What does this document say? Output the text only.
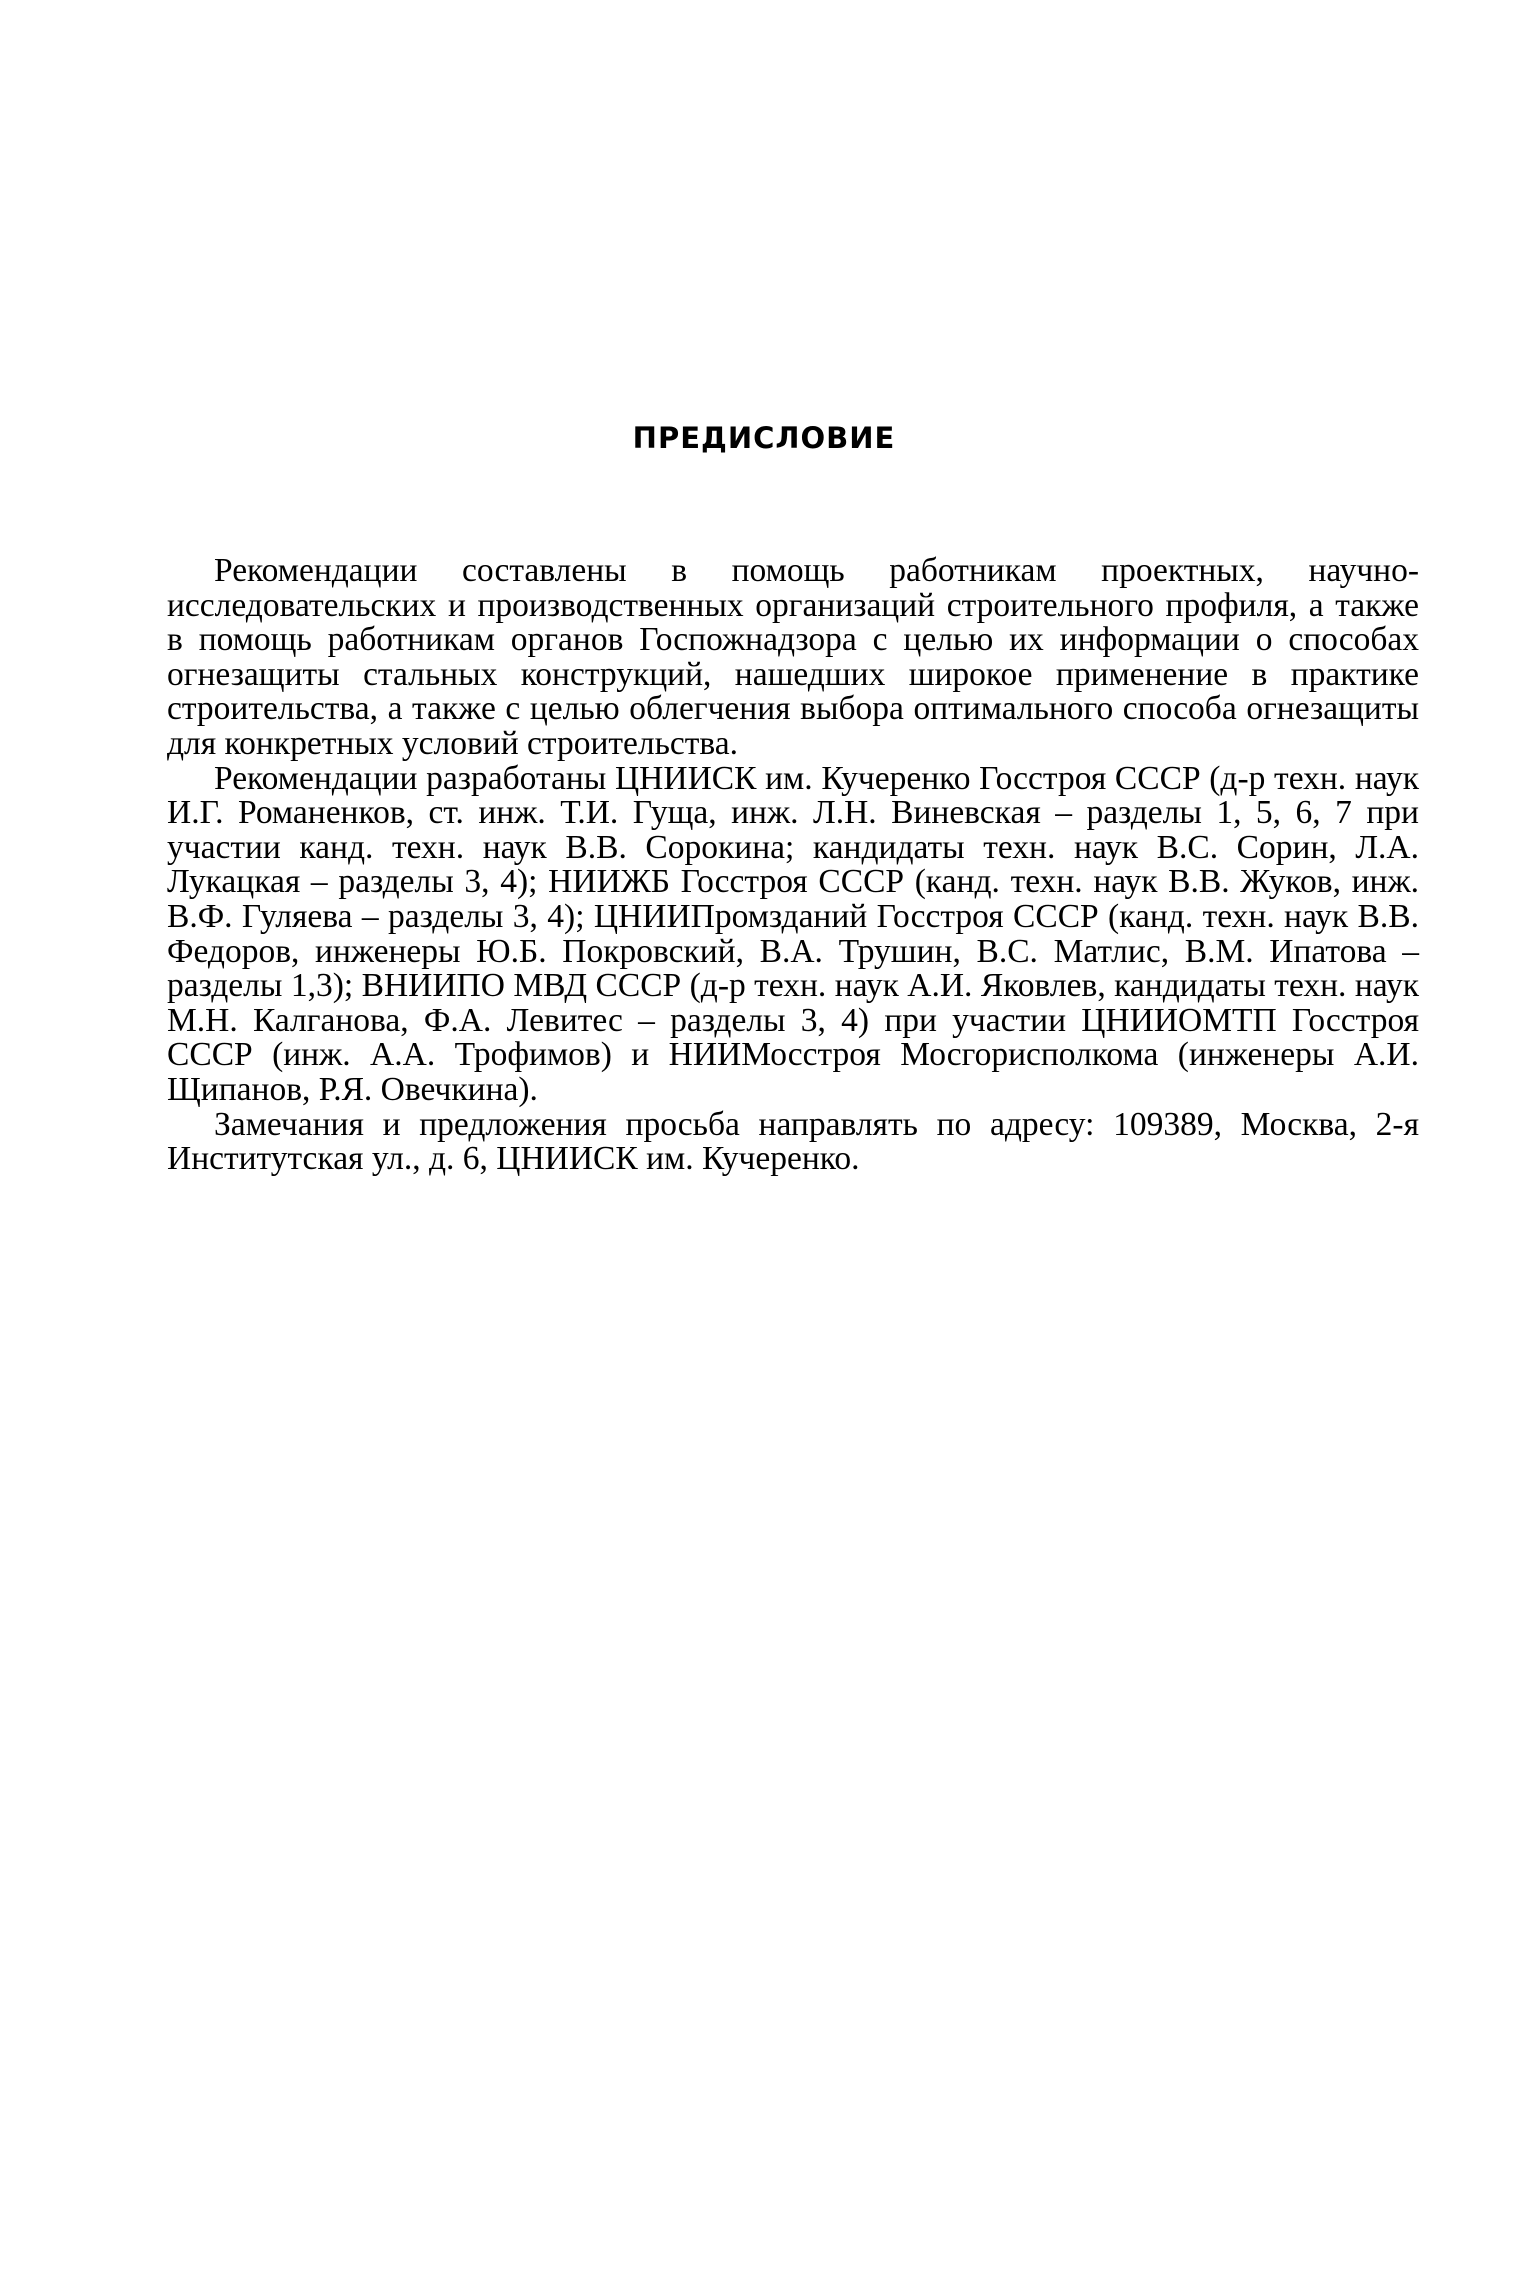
ПРЕДИСЛОВИЕ

Рекомендации составлены в помощь работникам проектных, научно-исследовательских и производственных организаций строительного профиля, а также в помощь работникам органов Госпожнадзора с целью их информации о способах огнезащиты стальных конструкций, нашедших широкое применение в практике строительства, а также с целью облегчения выбора оптимального способа огнезащиты для конкретных условий строительства.

Рекомендации разработаны ЦНИИСК им. Кучеренко Госстроя СССР (д-р техн. наук И.Г. Романенков, ст. инж. Т.И. Гуща, инж. Л.Н. Виневская – разделы 1, 5, 6, 7 при участии канд. техн. наук В.В. Сорокина; кандидаты техн. наук В.С. Сорин, Л.А. Лукацкая – разделы 3, 4); НИИЖБ Госстроя СССР (канд. техн. наук В.В. Жуков, инж. В.Ф. Гуляева – разделы 3, 4); ЦНИИПромзданий Госстроя СССР (канд. техн. наук В.В. Федоров, инженеры Ю.Б. Покровский, В.А. Трушин, В.С. Матлис, В.М. Ипатова – разделы 1,3); ВНИИПО МВД СССР (д-р техн. наук А.И. Яковлев, кандидаты техн. наук М.Н. Калганова, Ф.А. Левитес – разделы 3, 4) при участии ЦНИИОМТП Госстроя СССР (инж. А.А. Трофимов) и НИИМосстроя Мосгорисполкома (инженеры А.И. Щипанов, Р.Я. Овечкина).

Замечания и предложения просьба направлять по адресу: 109389, Москва, 2-я Институтская ул., д. 6, ЦНИИСК им. Кучеренко.
